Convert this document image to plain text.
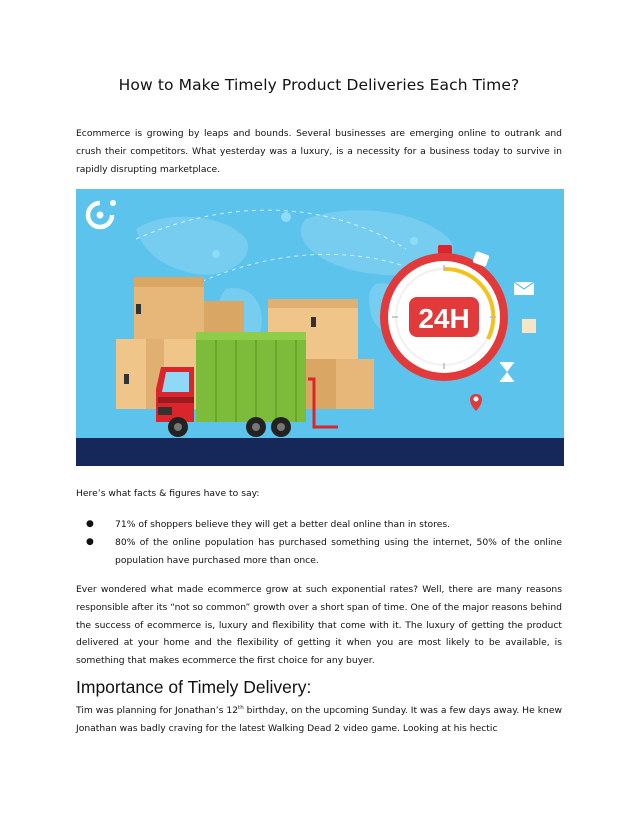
How to Make Timely Product Deliveries Each Time?
Ecommerce is growing by leaps and bounds. Several businesses are emerging online to outrank and crush their competitors. What yesterday was a luxury, is a necessity for a business today to survive in rapidly disrupting marketplace.
24H
Here’s what facts & figures have to say:
● 71% of shoppers believe they will get a better deal online than in stores.
● 80% of the online population has purchased something using the internet, 50% of the online population have purchased more than once.
Ever wondered what made ecommerce grow at such exponential rates? Well, there are many reasons responsible after its “not so common” growth over a short span of time. One of the major reasons behind the success of ecommerce is, luxury and flexibility that come with it. The luxury of getting the product delivered at your home and the flexibility of getting it when you are most likely to be available, is something that makes ecommerce the first choice for any buyer.
Importance of Timely Delivery:
Tim was planning for Jonathan’s 12th birthday, on the upcoming Sunday. It was a few days away. He knew Jonathan was badly craving for the latest Walking Dead 2 video game. Looking at his hectic
